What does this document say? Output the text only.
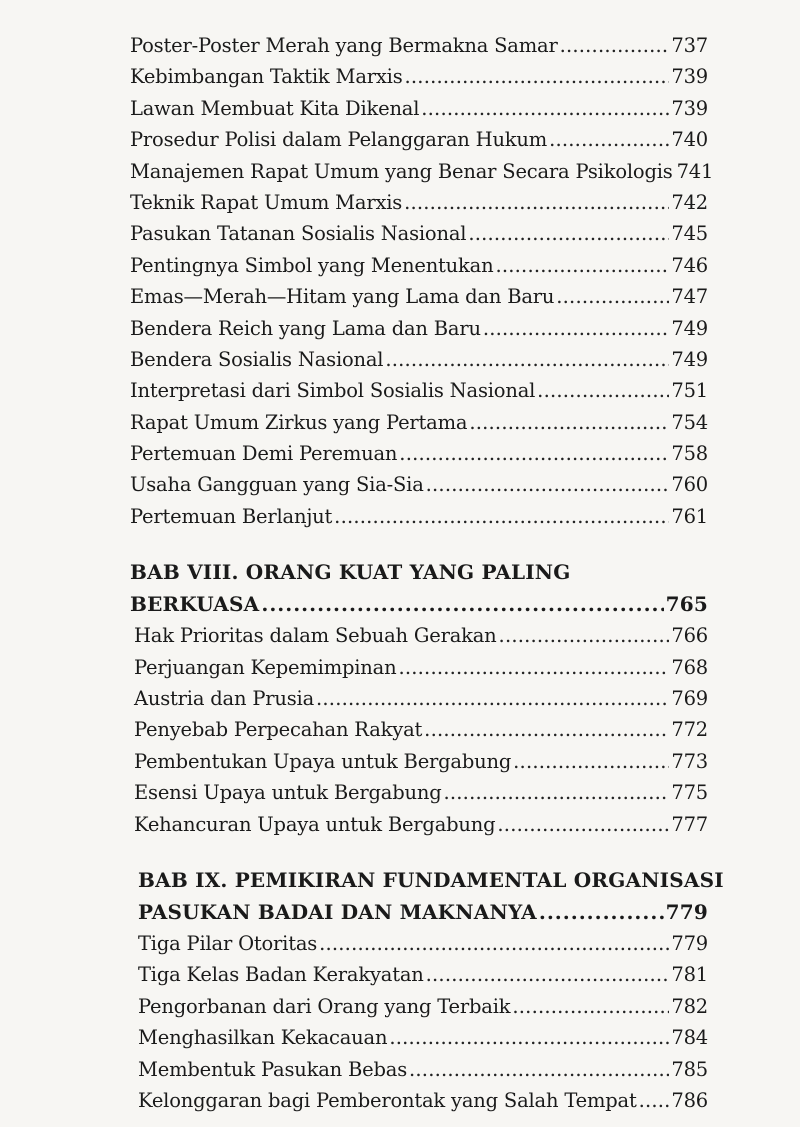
Poster-Poster Merah yang Bermakna Samar . . .	737
Kebimbangan Taktik Marxis . . .	739
Lawan Membuat Kita Dikenal . . .	739
Prosedur Polisi dalam Pelanggaran Hukum . . .	740
Manajemen Rapat Umum yang Benar Secara Psikologis 741
Teknik Rapat Umum Marxis . . .	742
Pasukan Tatanan Sosialis Nasional . . .	745
Pentingnya Simbol yang Menentukan . . .	746
Emas—Merah—Hitam yang Lama dan Baru . . .	747
Bendera Reich yang Lama dan Baru . . .	749
Bendera Sosialis Nasional . . .	749
Interpretasi dari Simbol Sosialis Nasional . . .	751
Rapat Umum Zirkus yang Pertama . . .	754
Pertemuan Demi Peremuan . . .	758
Usaha Gangguan yang Sia-Sia . . .	760
Pertemuan Berlanjut . . .	761
BAB VIII. ORANG KUAT YANG PALING
BERKUASA .....	765
Hak Prioritas dalam Sebuah Gerakan . . .	766
Perjuangan Kepemimpinan . . .	768
Austria dan Prusia . . .	769
Penyebab Perpecahan Rakyat . . .	772
Pembentukan Upaya untuk Bergabung . . .	773
Esensi Upaya untuk Bergabung . . .	775
Kehancuran Upaya untuk Bergabung . . .	777
BAB IX. PEMIKIRAN FUNDAMENTAL ORGANISASI
PASUKAN BADAI DAN MAKNANYA .....	779
Tiga Pilar Otoritas . . .	779
Tiga Kelas Badan Kerakyatan . . .	781
Pengorbanan dari Orang yang Terbaik . . .	782
Menghasilkan Kekacauan . . .	784
Membentuk Pasukan Bebas . . .	785
Kelonggaran bagi Pemberontak yang Salah Tempat . . . 786
